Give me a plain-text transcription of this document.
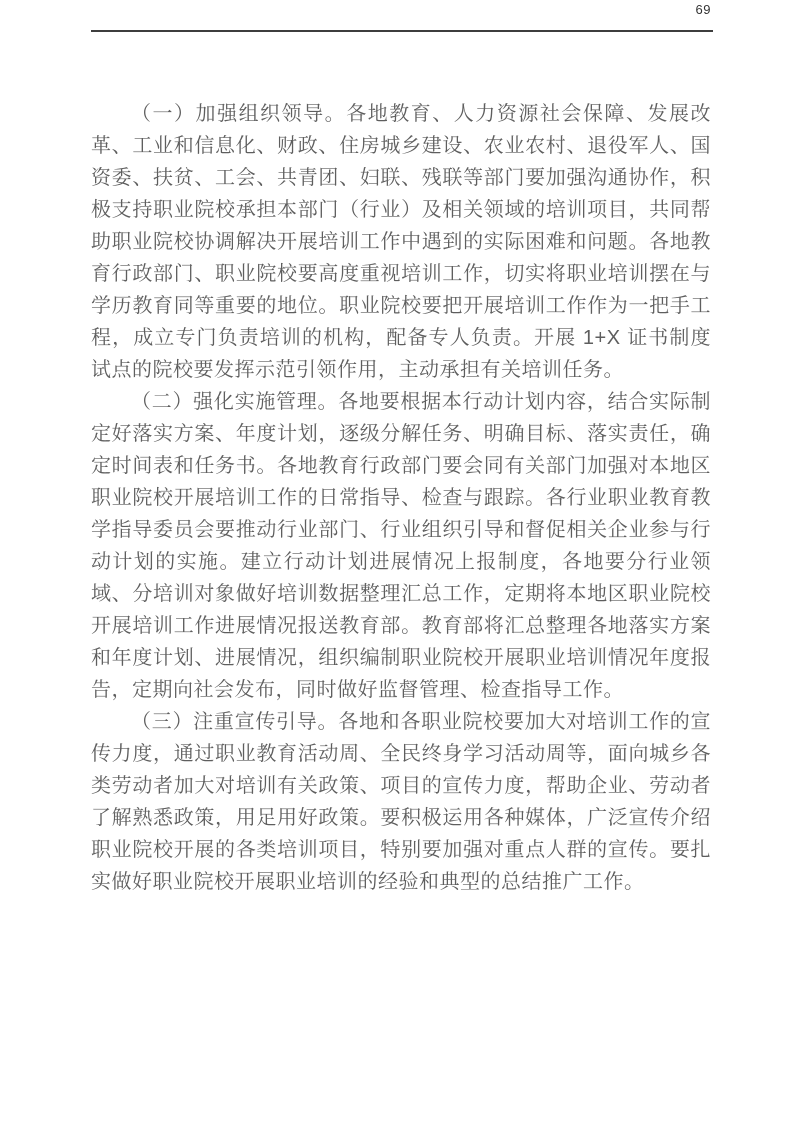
69

（一）加强组织领导。各地教育、人力资源社会保障、发展改革、工业和信息化、财政、住房城乡建设、农业农村、退役军人、国资委、扶贫、工会、共青团、妇联、残联等部门要加强沟通协作，积极支持职业院校承担本部门（行业）及相关领域的培训项目，共同帮助职业院校协调解决开展培训工作中遇到的实际困难和问题。各地教育行政部门、职业院校要高度重视培训工作，切实将职业培训摆在与学历教育同等重要的地位。职业院校要把开展培训工作作为一把手工程，成立专门负责培训的机构，配备专人负责。开展 1+X 证书制度试点的院校要发挥示范引领作用，主动承担有关培训任务。

（二）强化实施管理。各地要根据本行动计划内容，结合实际制定好落实方案、年度计划，逐级分解任务、明确目标、落实责任，确定时间表和任务书。各地教育行政部门要会同有关部门加强对本地区职业院校开展培训工作的日常指导、检查与跟踪。各行业职业教育教学指导委员会要推动行业部门、行业组织引导和督促相关企业参与行动计划的实施。建立行动计划进展情况上报制度，各地要分行业领域、分培训对象做好培训数据整理汇总工作，定期将本地区职业院校开展培训工作进展情况报送教育部。教育部将汇总整理各地落实方案和年度计划、进展情况，组织编制职业院校开展职业培训情况年度报告，定期向社会发布，同时做好监督管理、检查指导工作。

（三）注重宣传引导。各地和各职业院校要加大对培训工作的宣传力度，通过职业教育活动周、全民终身学习活动周等，面向城乡各类劳动者加大对培训有关政策、项目的宣传力度，帮助企业、劳动者了解熟悉政策，用足用好政策。要积极运用各种媒体，广泛宣传介绍职业院校开展的各类培训项目，特别要加强对重点人群的宣传。要扎实做好职业院校开展职业培训的经验和典型的总结推广工作。
